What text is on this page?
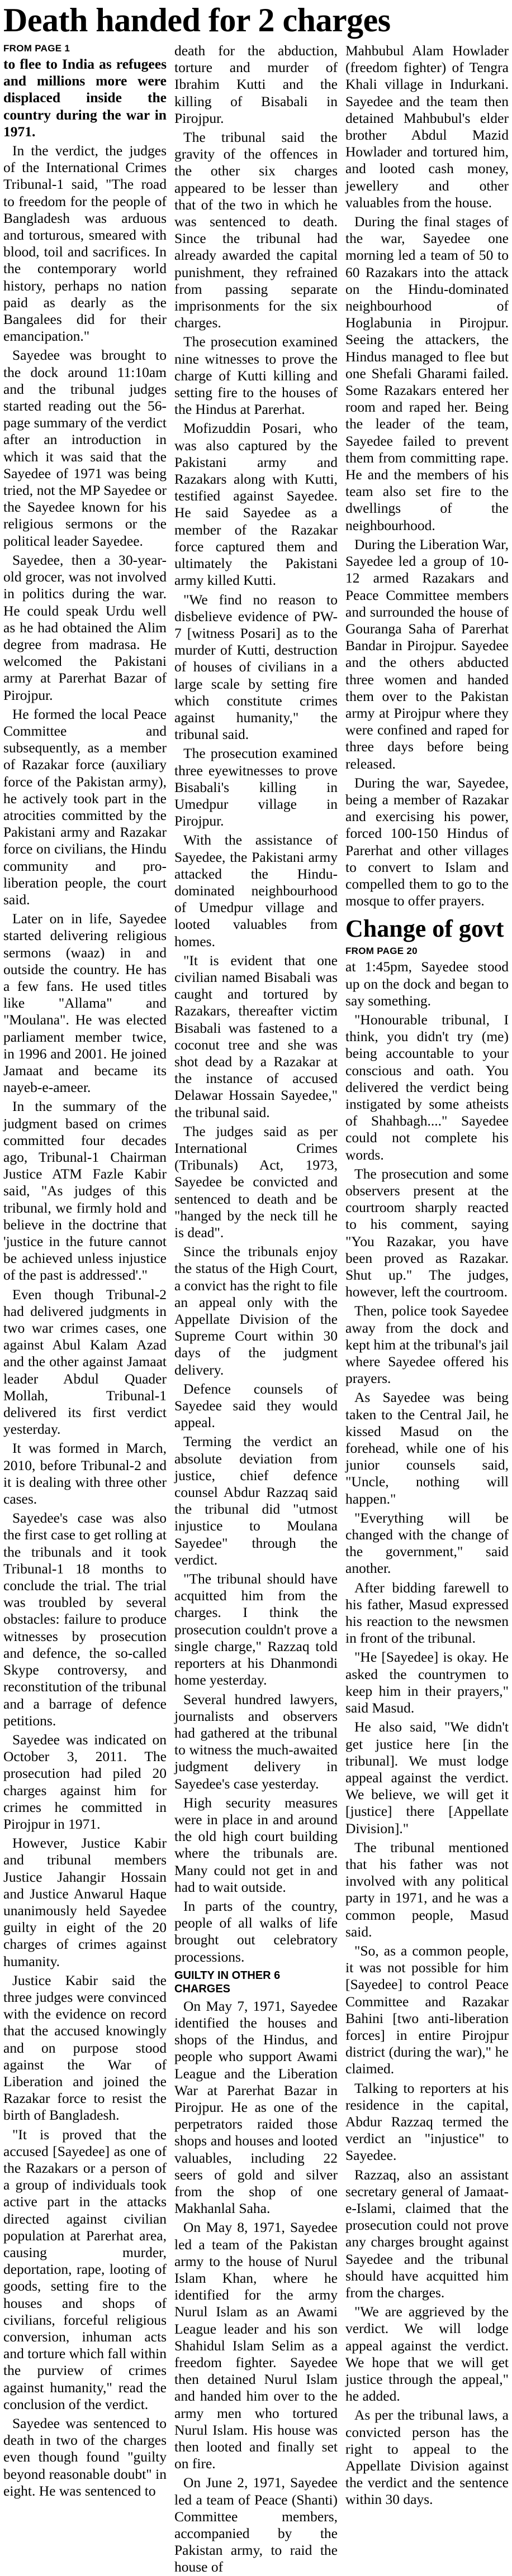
Death handed for 2 charges
FROM PAGE 1

to flee to India as refugees and millions more were displaced inside the country during the war in 1971.

In the verdict, the judges of the International Crimes Tribunal-1 said, "The road to freedom for the people of Bangladesh was arduous and torturous, smeared with blood, toil and sacrifices. In the contemporary world history, perhaps no nation paid as dearly as the Bangalees did for their emancipation."

Sayedee was brought to the dock around 11:10am and the tribunal judges started reading out the 56-page summary of the verdict after an introduction in which it was said that the Sayedee of 1971 was being tried, not the MP Sayedee or the Sayedee known for his religious sermons or the political leader Sayedee.

Sayedee, then a 30-year-old grocer, was not involved in politics during the war. He could speak Urdu well as he had obtained the Alim degree from madrasa. He welcomed the Pakistani army at Parerhat Bazar of Pirojpur.

He formed the local Peace Committee and subsequently, as a member of Razakar force (auxiliary force of the Pakistan army), he actively took part in the atrocities committed by the Pakistani army and Razakar force on civilians, the Hindu community and pro-liberation people, the court said.

Later on in life, Sayedee started delivering religious sermons (waaz) in and outside the country. He has a few fans. He used titles like "Allama" and "Moulana". He was elected parliament member twice, in 1996 and 2001. He joined Jamaat and became its nayeb-e-ameer.

In the summary of the judgment based on crimes committed four decades ago, Tribunal-1 Chairman Justice ATM Fazle Kabir said, "As judges of this tribunal, we firmly hold and believe in the doctrine that 'justice in the future cannot be achieved unless injustice of the past is addressed'."

Even though Tribunal-2 had delivered judgments in two war crimes cases, one against Abul Kalam Azad and the other against Jamaat leader Abdul Quader Mollah, Tribunal-1 delivered its first verdict yesterday.

It was formed in March, 2010, before Tribunal-2 and it is dealing with three other cases.

Sayedee's case was also the first case to get rolling at the tribunals and it took Tribunal-1 18 months to conclude the trial. The trial was troubled by several obstacles: failure to produce witnesses by prosecution and defence, the so-called Skype controversy, and reconstitution of the tribunal and a barrage of defence petitions.

Sayedee was indicated on October 3, 2011. The prosecution had piled 20 charges against him for crimes he committed in Pirojpur in 1971.

However, Justice Kabir and tribunal members Justice Jahangir Hossain and Justice Anwarul Haque unanimously held Sayedee guilty in eight of the 20 charges of crimes against humanity.

Justice Kabir said the three judges were convinced with the evidence on record that the accused knowingly and on purpose stood against the War of Liberation and joined the Razakar force to resist the birth of Bangladesh.

"It is proved that the accused [Sayedee] as one of the Razakars or a person of a group of individuals took active part in the attacks directed against civilian population at Parerhat area, causing murder, deportation, rape, looting of goods, setting fire to the houses and shops of civilians, forceful religious conversion, inhuman acts and torture which fall within the purview of crimes against humanity," read the conclusion of the verdict.

Sayedee was sentenced to death in two of the charges even though found "guilty beyond reasonable doubt" in eight. He was sentenced to

death for the abduction, torture and murder of Ibrahim Kutti and the killing of Bisabali in Pirojpur.

The tribunal said the gravity of the offences in the other six charges appeared to be lesser than that of the two in which he was sentenced to death. Since the tribunal had already awarded the capital punishment, they refrained from passing separate imprisonments for the six charges.

The prosecution examined nine witnesses to prove the charge of Kutti killing and setting fire to the houses of the Hindus at Parerhat.

Mofizuddin Posari, who was also captured by the Pakistani army and Razakars along with Kutti, testified against Sayedee. He said Sayedee as a member of the Razakar force captured them and ultimately the Pakistani army killed Kutti.

"We find no reason to disbelieve evidence of PW-7 [witness Posari] as to the murder of Kutti, destruction of houses of civilians in a large scale by setting fire which constitute crimes against humanity," the tribunal said.

The prosecution examined three eyewitnesses to prove Bisabali's killing in Umedpur village in Pirojpur.

With the assistance of Sayedee, the Pakistani army attacked the Hindu-dominated neighbourhood of Umedpur village and looted valuables from homes.

"It is evident that one civilian named Bisabali was caught and tortured by Razakars, thereafter victim Bisabali was fastened to a coconut tree and she was shot dead by a Razakar at the instance of accused Delawar Hossain Sayedee," the tribunal said.

The judges said as per International Crimes (Tribunals) Act, 1973, Sayedee be convicted and sentenced to death and be "hanged by the neck till he is dead".

Since the tribunals enjoy the status of the High Court, a convict has the right to file an appeal only with the Appellate Division of the Supreme Court within 30 days of the judgment delivery.

Defence counsels of Sayedee said they would appeal.

Terming the verdict an absolute deviation from justice, chief defence counsel Abdur Razzaq said the tribunal did "utmost injustice to Moulana Sayedee" through the verdict.

"The tribunal should have acquitted him from the charges. I think the prosecution couldn't prove a single charge," Razzaq told reporters at his Dhanmondi home yesterday.

Several hundred lawyers, journalists and observers had gathered at the tribunal to witness the much-awaited judgment delivery in Sayedee's case yesterday.

High security measures were in place in and around the old high court building where the tribunals are. Many could not get in and had to wait outside.

In parts of the country, people of all walks of life brought out celebratory processions.

GUILTY IN OTHER 6 CHARGES

On May 7, 1971, Sayedee identified the houses and shops of the Hindus, and people who support Awami League and the Liberation War at Parerhat Bazar in Pirojpur. He as one of the perpetrators raided those shops and houses and looted valuables, including 22 seers of gold and silver from the shop of one Makhanlal Saha.

On May 8, 1971, Sayedee led a team of the Pakistan army to the house of Nurul Islam Khan, where he identified for the army Nurul Islam as an Awami League leader and his son Shahidul Islam Selim as a freedom fighter. Sayedee then detained Nurul Islam and handed him over to the army men who tortured Nurul Islam. His house was then looted and finally set on fire.

On June 2, 1971, Sayedee led a team of Peace (Shanti) Committee members, accompanied by the Pakistan army, to raid the house of

Mahbubul Alam Howlader (freedom fighter) of Tengra Khali village in Indurkani. Sayedee and the team then detained Mahbubul's elder brother Abdul Mazid Howlader and tortured him, and looted cash money, jewellery and other valuables from the house.

During the final stages of the war, Sayedee one morning led a team of 50 to 60 Razakars into the attack on the Hindu-dominated neighbourhood of Hoglabunia in Pirojpur. Seeing the attackers, the Hindus managed to flee but one Shefali Gharami failed. Some Razakars entered her room and raped her. Being the leader of the team, Sayedee failed to prevent them from committing rape. He and the members of his team also set fire to the dwellings of the neighbourhood.

During the Liberation War, Sayedee led a group of 10-12 armed Razakars and Peace Committee members and surrounded the house of Gouranga Saha of Parerhat Bandar in Pirojpur. Sayedee and the others abducted three women and handed them over to the Pakistan army at Pirojpur where they were confined and raped for three days before being released.

During the war, Sayedee, being a member of Razakar and exercising his power, forced 100-150 Hindus of Parerhat and other villages to convert to Islam and compelled them to go to the mosque to offer prayers.

Change of govt
FROM PAGE 20

at 1:45pm, Sayedee stood up on the dock and began to say something.

"Honourable tribunal, I think, you didn't try (me) being accountable to your conscious and oath. You delivered the verdict being instigated by some atheists of Shahbagh...." Sayedee could not complete his words.

The prosecution and some observers present at the courtroom sharply reacted to his comment, saying "You Razakar, you have been proved as Razakar. Shut up." The judges, however, left the courtroom.

Then, police took Sayedee away from the dock and kept him at the tribunal's jail where Sayedee offered his prayers.

As Sayedee was being taken to the Central Jail, he kissed Masud on the forehead, while one of his junior counsels said, "Uncle, nothing will happen."

"Everything will be changed with the change of the government," said another.

After bidding farewell to his father, Masud expressed his reaction to the newsmen in front of the tribunal.

"He [Sayedee] is okay. He asked the countrymen to keep him in their prayers," said Masud.

He also said, "We didn't get justice here [in the tribunal]. We must lodge appeal against the verdict. We believe, we will get it [justice] there [Appellate Division]."

The tribunal mentioned that his father was not involved with any political party in 1971, and he was a common people, Masud said.

"So, as a common people, it was not possible for him [Sayedee] to control Peace Committee and Razakar Bahini [two anti-liberation forces] in entire Pirojpur district (during the war)," he claimed.

Talking to reporters at his residence in the capital, Abdur Razzaq termed the verdict an "injustice" to Sayedee.

Razzaq, also an assistant secretary general of Jamaat-e-Islami, claimed that the prosecution could not prove any charges brought against Sayedee and the tribunal should have acquitted him from the charges.

"We are aggrieved by the verdict. We will lodge appeal against the verdict. We hope that we will get justice through the appeal," he added.

As per the tribunal laws, a convicted person has the right to appeal to the Appellate Division against the verdict and the sentence within 30 days.
